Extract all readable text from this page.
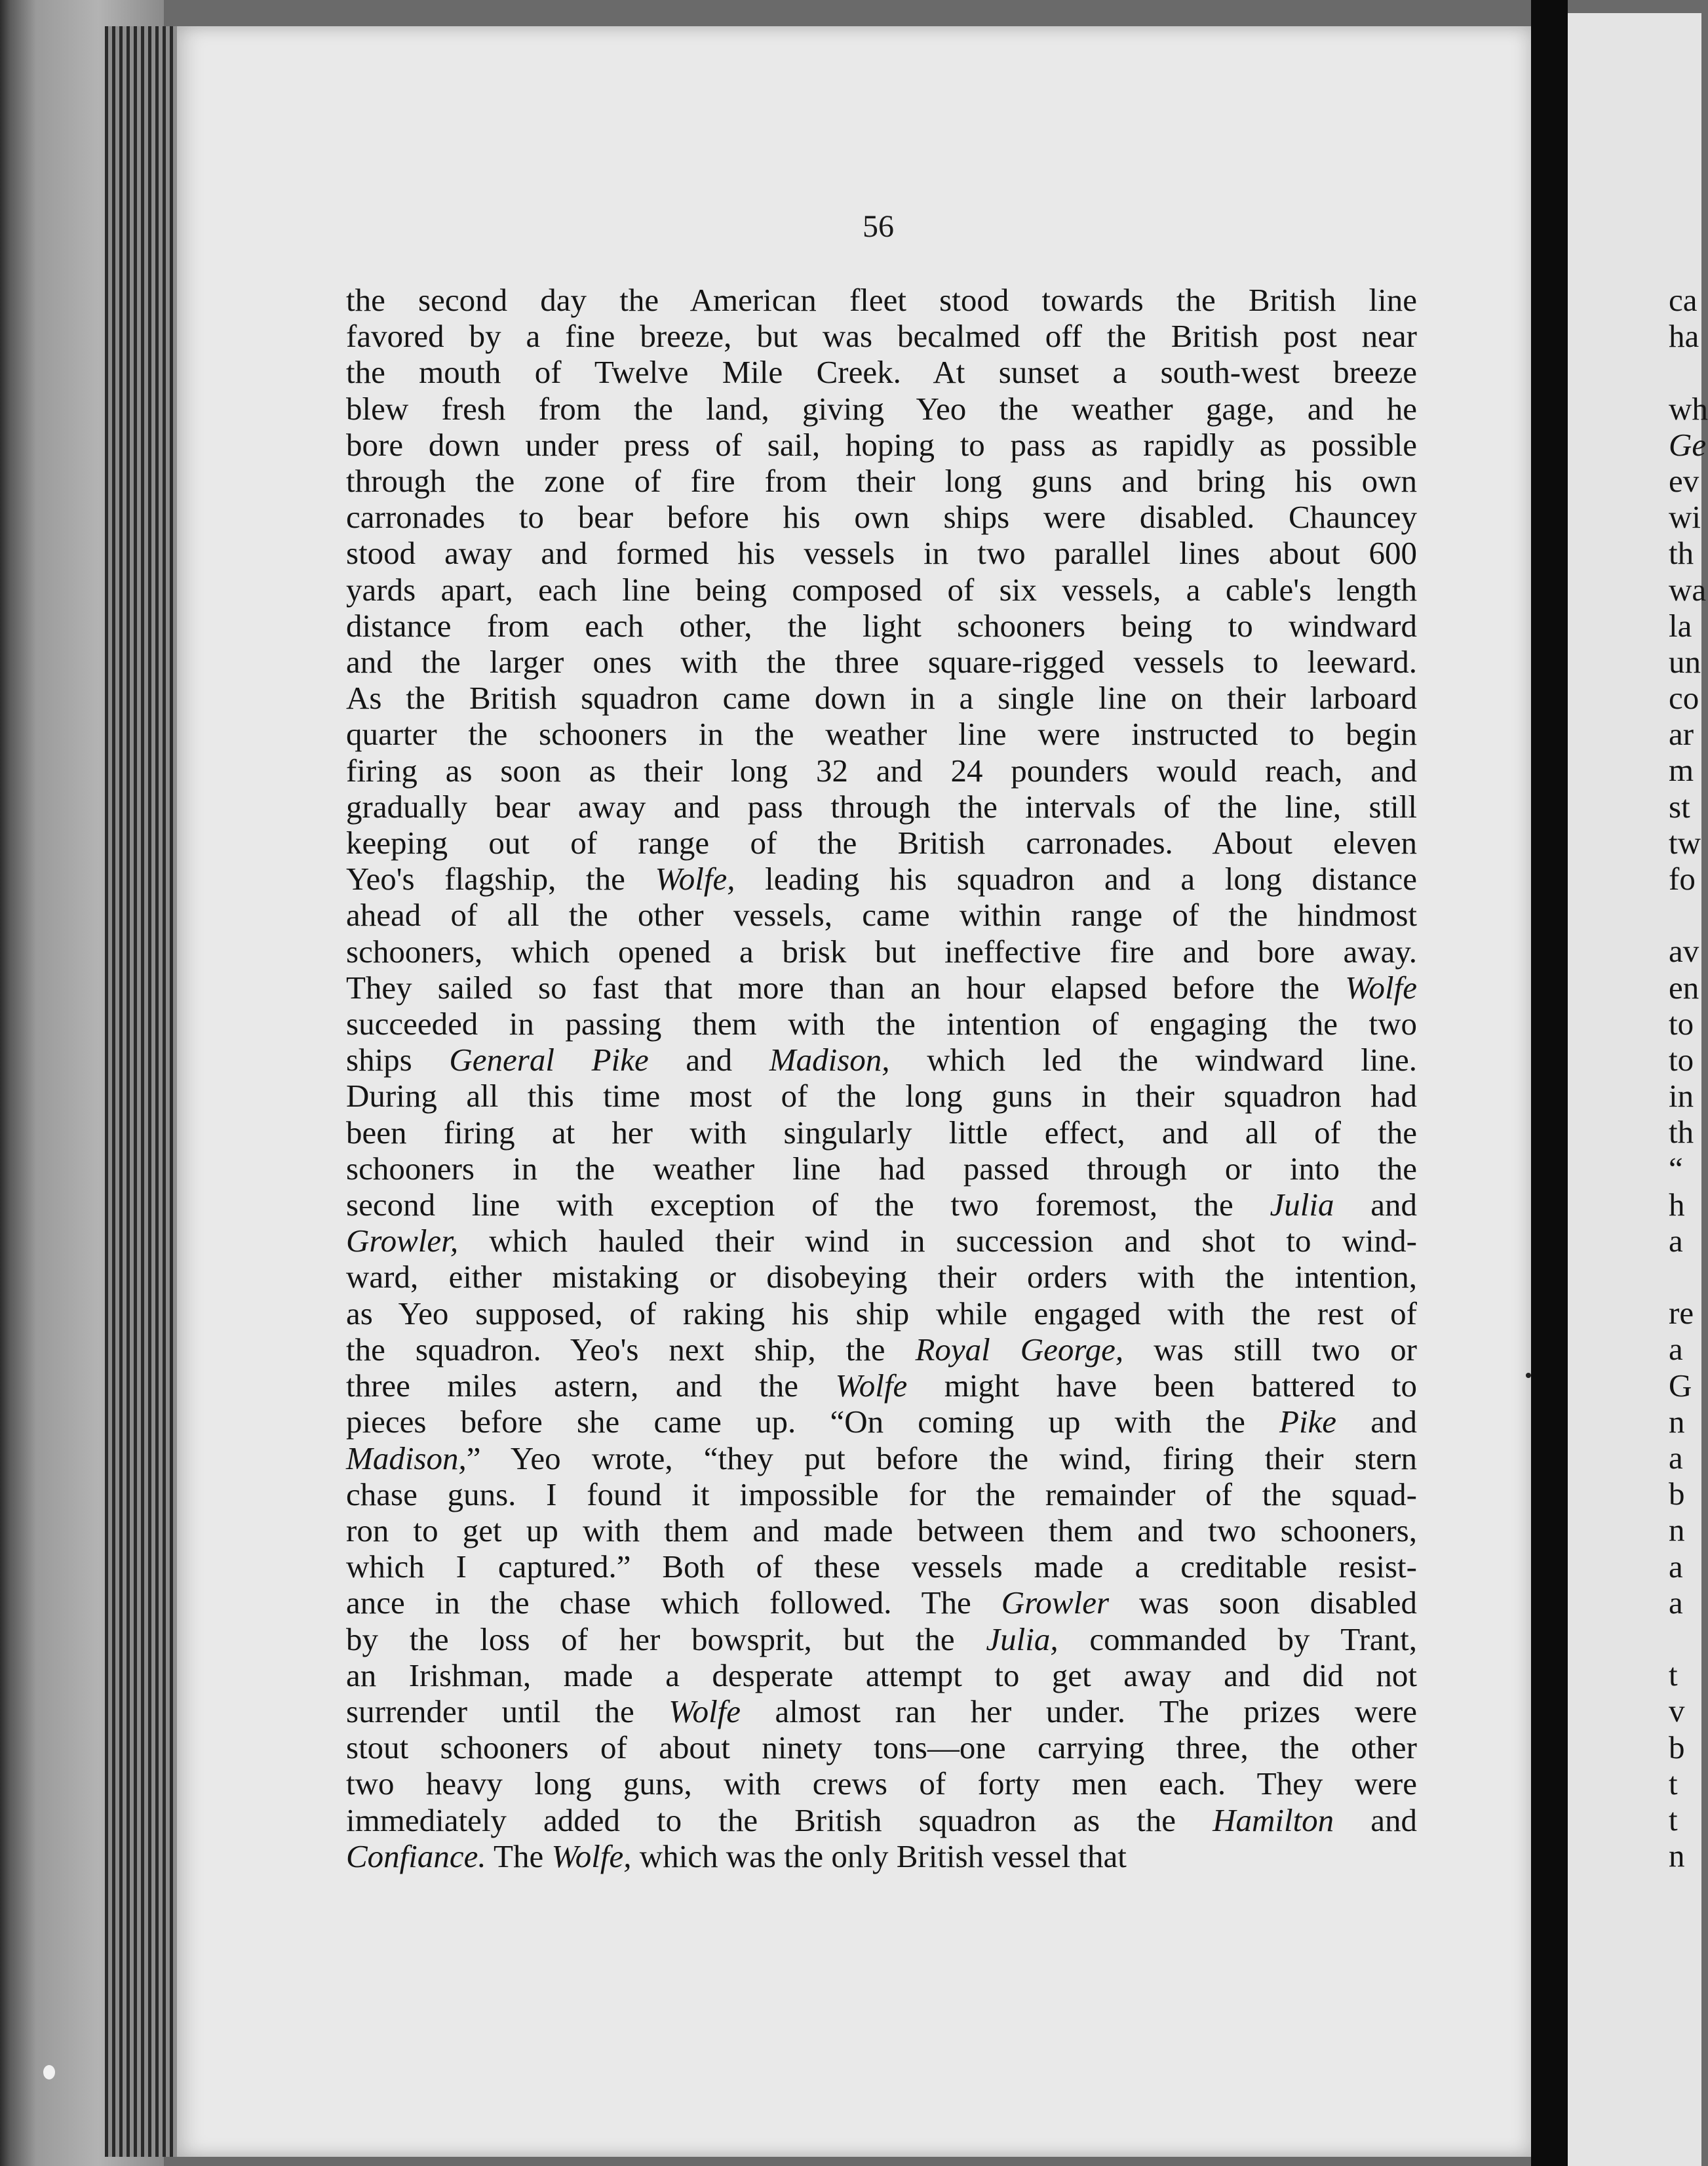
56
the second day the American fleet stood towards the British line
favored by a fine breeze, but was becalmed off the British post near
the mouth of Twelve Mile Creek. At sunset a south-west breeze
blew fresh from the land, giving Yeo the weather gage, and he
bore down under press of sail, hoping to pass as rapidly as possible
through the zone of fire from their long guns and bring his own
carronades to bear before his own ships were disabled. Chauncey
stood away and formed his vessels in two parallel lines about 600
yards apart, each line being composed of six vessels, a cable's length
distance from each other, the light schooners being to windward
and the larger ones with the three square-rigged vessels to leeward.
As the British squadron came down in a single line on their larboard
quarter the schooners in the weather line were instructed to begin
firing as soon as their long 32 and 24 pounders would reach, and
gradually bear away and pass through the intervals of the line, still
keeping out of range of the British carronades. About eleven
Yeo's flagship, the Wolfe, leading his squadron and a long distance
ahead of all the other vessels, came within range of the hindmost
schooners, which opened a brisk but ineffective fire and bore away.
They sailed so fast that more than an hour elapsed before the Wolfe
succeeded in passing them with the intention of engaging the two
ships General Pike and Madison, which led the windward line.
During all this time most of the long guns in their squadron had
been firing at her with singularly little effect, and all of the
schooners in the weather line had passed through or into the
second line with exception of the two foremost, the Julia and
Growler, which hauled their wind in succession and shot to wind-
ward, either mistaking or disobeying their orders with the intention,
as Yeo supposed, of raking his ship while engaged with the rest of
the squadron. Yeo's next ship, the Royal George, was still two or
three miles astern, and the Wolfe might have been battered to
pieces before she came up. “On coming up with the Pike and
Madison,” Yeo wrote, “they put before the wind, firing their stern
chase guns. I found it impossible for the remainder of the squad-
ron to get up with them and made between them and two schooners,
which I captured.” Both of these vessels made a creditable resist-
ance in the chase which followed. The Growler was soon disabled
by the loss of her bowsprit, but the Julia, commanded by Trant,
an Irishman, made a desperate attempt to get away and did not
surrender until the Wolfe almost ran her under. The prizes were
stout schooners of about ninety tons—one carrying three, the other
two heavy long guns, with crews of forty men each. They were
immediately added to the British squadron as the Hamilton and
Confiance. The Wolfe, which was the only British vessel that
ca
ha
wh
Ge
ev
wi
th
wa
la
un
co
ar
m
st
tw
fo
av
en
to
to
in
th
“
h
a
re
a
G
n
a
b
n
a
a
t
v
b
t
t
n
